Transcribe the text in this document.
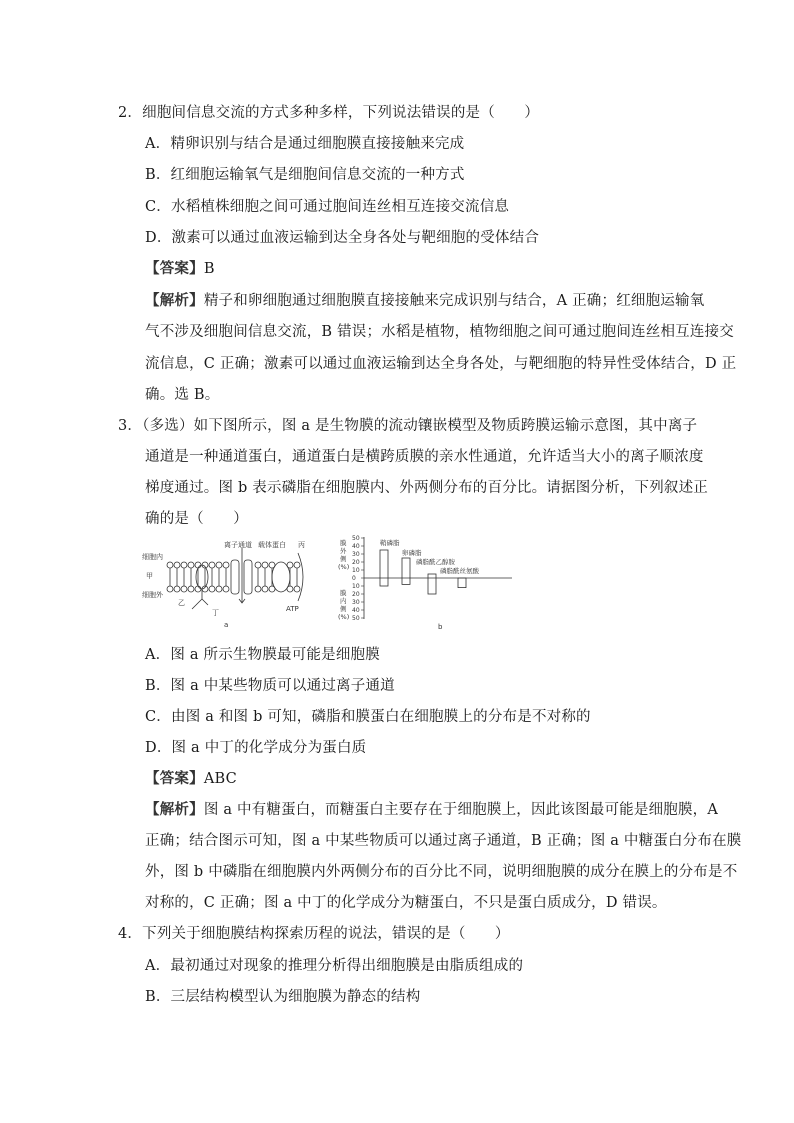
2．细胞间信息交流的方式多种多样，下列说法错误的是（　　）
A．精卵识别与结合是通过细胞膜直接接触来完成
B．红细胞运输氧气是细胞间信息交流的一种方式
C．水稻植株细胞之间可通过胞间连丝相互连接交流信息
D．激素可以通过血液运输到达全身各处与靶细胞的受体结合
【答案】B
【解析】精子和卵细胞通过细胞膜直接接触来完成识别与结合，A 正确；红细胞运输氧
气不涉及细胞间信息交流，B 错误；水稻是植物，植物细胞之间可通过胞间连丝相互连接交
流信息，C 正确；激素可以通过血液运输到达全身各处，与靶细胞的特异性受体结合，D 正
确。选 B。
3．（多选）如下图所示，图 a 是生物膜的流动镶嵌模型及物质跨膜运输示意图，其中离子
通道是一种通道蛋白，通道蛋白是横跨质膜的亲水性通道，允许适当大小的离子顺浓度
梯度通过。图 b 表示磷脂在细胞膜内、外两侧分布的百分比。请据图分析，下列叙述正
确的是（　　）
细胞内
甲
细胞外
乙
离子通道 载体蛋白 丙
丁	ATP
a
膜
外
侧
(%)
膜
内
侧
(%)
50
40
30
20
10
0
10
20
30
40
50
鞘磷脂
卵磷脂
磷脂酰乙醇胺
磷脂酰丝氨酸
b
A．图 a 所示生物膜最可能是细胞膜
B．图 a 中某些物质可以通过离子通道
C．由图 a 和图 b 可知，磷脂和膜蛋白在细胞膜上的分布是不对称的
D．图 a 中丁的化学成分为蛋白质
【答案】ABC
【解析】图 a 中有糖蛋白，而糖蛋白主要存在于细胞膜上，因此该图最可能是细胞膜，A
正确；结合图示可知，图 a 中某些物质可以通过离子通道，B 正确；图 a 中糖蛋白分布在膜
外，图 b 中磷脂在细胞膜内外两侧分布的百分比不同，说明细胞膜的成分在膜上的分布是不
对称的，C 正确；图 a 中丁的化学成分为糖蛋白，不只是蛋白质成分，D 错误。
4．下列关于细胞膜结构探索历程的说法，错误的是（　　）
A．最初通过对现象的推理分析得出细胞膜是由脂质组成的
B．三层结构模型认为细胞膜为静态的结构
